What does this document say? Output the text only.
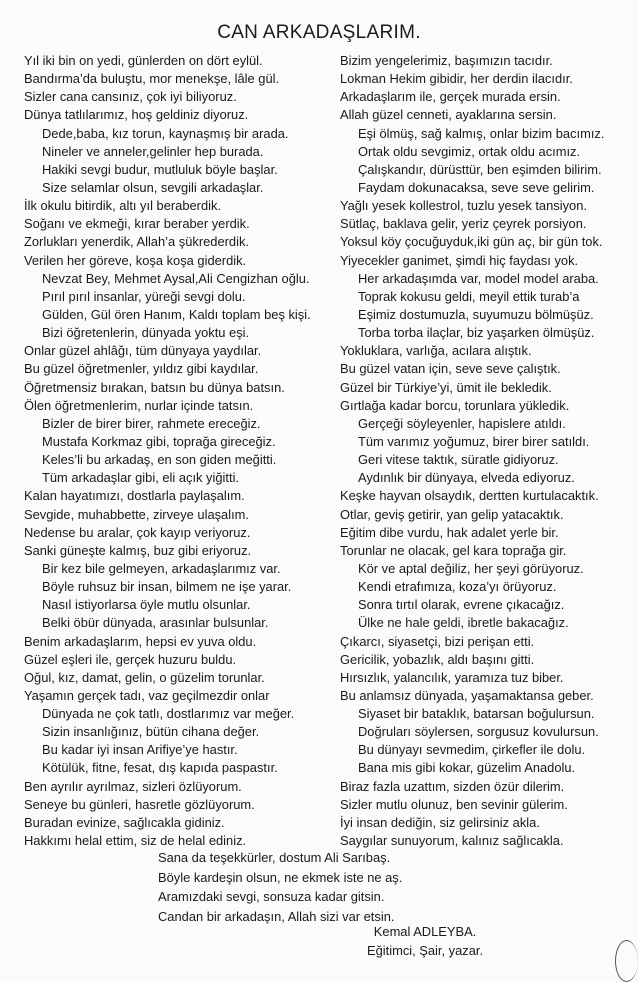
CAN ARKADAŞLARIM.
Yıl iki bin on yedi, günlerden on dört eylül.
Bandırma’da buluştu, mor menekşe, lâle gül.
Sizler cana cansınız, çok iyi biliyoruz.
Dünya tatlılarımız, hoş geldiniz diyoruz.
Dede,baba, kız torun, kaynaşmış bir arada.
Nineler ve anneler,gelinler hep burada.
Hakiki sevgi budur, mutluluk böyle başlar.
Size selamlar olsun, sevgili arkadaşlar.
İlk okulu bitirdik, altı yıl beraberdik.
Soğanı ve ekmeği, kırar beraber yerdik.
Zorlukları yenerdik, Allah’a şükrederdik.
Verilen her göreve, koşa koşa giderdik.
Nevzat Bey, Mehmet Aysal,Ali Cengizhan oğlu.
Pırıl pırıl insanlar, yüreği sevgi dolu.
Gülden, Gül ören Hanım, Kaldı toplam beş kişi.
Bizi öğretenlerin, dünyada yoktu eşi.
Onlar güzel ahlâğı, tüm dünyaya yaydılar.
Bu güzel öğretmenler, yıldız gibi kaydılar.
Öğretmensiz bırakan, batsın bu dünya batsın.
Ölen öğretmenlerim, nurlar içinde tatsın.
Bizler de birer birer, rahmete ereceğiz.
Mustafa Korkmaz gibi, toprağa gireceğiz.
Keles’li bu arkadaş, en son giden meğitti.
Tüm arkadaşlar gibi, eli açık yiğitti.
Kalan hayatımızı, dostlarla paylaşalım.
Sevgide, muhabbette, zirveye ulaşalım.
Nedense bu aralar, çok kayıp veriyoruz.
Sanki güneşte kalmış, buz gibi eriyoruz.
Bir kez bile gelmeyen, arkadaşlarımız var.
Böyle ruhsuz bir insan, bilmem ne işe yarar.
Nasıl istiyorlarsa öyle mutlu olsunlar.
Belki öbür dünyada, arasınlar bulsunlar.
Benim arkadaşlarım, hepsi ev yuva oldu.
Güzel eşleri ile, gerçek huzuru buldu.
Oğul, kız, damat, gelin, o güzelim torunlar.
Yaşamın gerçek tadı, vaz geçilmezdir onlar
Dünyada ne çok tatlı, dostlarımız var meğer.
Sizin insanlığınız, bütün cihana değer.
Bu kadar iyi insan Arifiye’ye hastır.
Kötülük, fitne, fesat, dış kapıda paspastır.
Ben ayrılır ayrılmaz, sizleri özlüyorum.
Seneye bu günleri, hasretle gözlüyorum.
Buradan evinize, sağlıcakla gidiniz.
Hakkımı helal ettim, siz de helal ediniz.
Bizim yengelerimiz, başımızın tacıdır.
Lokman Hekim gibidir, her derdin ilacıdır.
Arkadaşlarım ile, gerçek murada ersin.
Allah güzel cenneti, ayaklarına sersin.
Eşi ölmüş, sağ kalmış, onlar bizim bacımız.
Ortak oldu sevgimiz, ortak oldu acımız.
Çalışkandır, dürüsttür, ben eşimden bilirim.
Faydam dokunacaksa, seve seve gelirim.
Yağlı yesek kollestrol, tuzlu yesek tansiyon.
Sütlaç, baklava gelir, yeriz çeyrek porsiyon.
Yoksul köy çocuğuyduk,iki gün aç, bir gün tok.
Yiyecekler ganimet, şimdi hiç faydası yok.
Her arkadaşımda var, model model araba.
Toprak kokusu geldi, meyil ettik turab’a
Eşimiz dostumuzla, suyumuzu bölmüşüz.
Torba torba ilaçlar, biz yaşarken ölmüşüz.
Yokluklara, varlığa, acılara alıştık.
Bu güzel vatan için, seve seve çalıştık.
Güzel bir Türkiye’yi, ümit ile bekledik.
Gırtlağa kadar borcu, torunlara yükledik.
Gerçeği söyleyenler, hapislere atıldı.
Tüm varımız yoğumuz, birer birer satıldı.
Geri vitese taktık, süratle gidiyoruz.
Aydınlık bir dünyaya, elveda ediyoruz.
Keşke hayvan olsaydık, dertten kurtulacaktık.
Otlar, geviş getirir, yan gelip yatacaktık.
Eğitim dibe vurdu, hak adalet yerle bir.
Torunlar ne olacak, gel kara toprağa gir.
Kör ve aptal değiliz, her şeyi görüyoruz.
Kendi etrafımıza, koza’yı örüyoruz.
Sonra tırtıl olarak, evrene çıkacağız.
Ülke ne hale geldi, ibretle bakacağız.
Çıkarcı, siyasetçi, bizi perişan etti.
Gericilik, yobazlık, aldı başını gitti.
Hırsızlık, yalancılık, yaramıza tuz biber.
Bu anlamsız dünyada, yaşamaktansa geber.
Siyaset bir bataklık, batarsan boğulursun.
Doğruları söylersen, sorgusuz kovulursun.
Bu dünyayı sevmedim, çirkefler ile dolu.
Bana mis gibi kokar, güzelim Anadolu.
Biraz fazla uzattım, sizden özür dilerim.
Sizler mutlu olunuz, ben sevinir gülerim.
İyi insan dediğin, siz gelirsiniz akla.
Saygılar sunuyorum, kalınız sağlıcakla.
Sana da teşekkürler, dostum Ali Sarıbaş.
Böyle kardeşin olsun, ne ekmek iste ne aş.
Aramızdaki sevgi, sonsuza kadar gitsin.
Candan bir arkadaşın, Allah sizi var etsin.
Kemal ADLEYBA.
Eğitimci, Şair, yazar.
